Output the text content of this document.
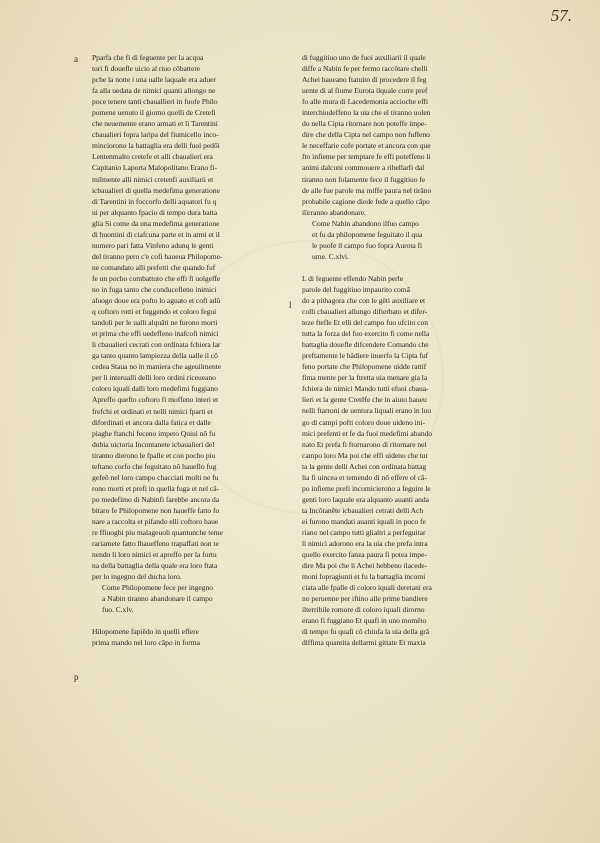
57.
a
p
l

Pparfa che fi di feguente per la acqua
tori fi douefle uicio al riuo cõbattere
pche la notte i una ualle laquale era aduer
fa alla uedata de nimici quanti allongo ne
poce tenere tanti cbauallieri in fuofe Philo
pomene uenuto il giorno quelli de Cretefi
che neuemente erano armati et li Tarentini
cbaualieri fopra laripa del fiumicello inco-
minciorono la battaglia era delli fuoi pedôi
Lentenmalto cretefe et alli cbaualieri era
Capitanio Laporta Malopolitano Erano fi-
milmente alli nimici cretenfi auxiliarii et
icbaualieri di quella medefima generatione
di Tarentini in foccorfo delli aquatori fu q
ui per alquanto fpacio di tempo dura batta
glia Si come da una medefima generatione
di huomini di ciafcuna parte et in armi et il
numero pari fatta Vinfeno adunq le genti
del tiranno pero c'e cofi haueua Philopome-
ne comandato alli prefetti che quando fuf
fe un pocho combattuto che effi fi uolgeffe
no in fuga tanto che conducefleno inimici
aluogo doue era pofto lo aguato et cofi adû
q coftoro rotti et fuggendo et coloro fegui
tandoli per le ualli alquãti ne furono morti
et prima che effi uedeffeno inafcofi nimici
li cbaualieri cecrati con ordinata fchiera lar
ga tanto quanto lampiezza della ualle il cô
cedea Staua no in maniera che ageuilmente
per li interualli delli loro ordini riceueano
coloro iquali dalli loro medefimi fuggiano
Apreffo quefto coftoro fi moffeno interi et
frefchi et ordinati et nelli nimici fparti et
difordinati et ancora dalla fatica et dalle
piaghe ftanchi feceno impeto Quiui nô fu
dubia uictoria Incontanete icbaualieri del
tiranno dierono le fpalle et con pocho piu
teftano corfo che feguitato nô haueflo fug
gefeô nel loro campo chacciati molti ne fu
rono morti et prefi in quella fuga et nel câ-
po medefimo di Nabinfi farebbe ancora da
bitaro fe Philopomene non haueffe fatto fo
nare a raccolta et pifando elli coftoro haue
re ffiuogbi piu malageuoli quantunche teme
rariamete fatto lhaueffeno trapaffati non te
nendo li loro nimici et apreffo per la fortu
na della battaglia della quale era loro ftata
per lo ingegno del ducha loro.

Come Philopomene fece per ingegno
a Nabin tiranno abandonare il campo
fuo. C.xlv.

Hilopomene fapiêdo in quelli effere
prima mando nel loro câpo in forma

di fuggitiuo uno de fuoi auxiliarii il quale
diffe a Nabin fe per fermo raccôtare chelli
Achei haueano ftatuito di procedere il feg
uente di al fiume Eurota ilquale corre pref
fo alle mura di Lacedemonia accioche effi
interchiudeffeno la uia che el tiranno uolen
do nella Cipta ritornare non poteffe impe-
dire che della Cipta nel campo non fuffeno
le neceffarie cofe portate et ancora con que
fto infieme per temptare fe effi poteffeno li
animi dalcuni commouere a ribellarfi dal
tiranno non folamente fece il fuggitiuo fe
de alle fue parole ma miffe paura nel tirâno
probabile cagione diede fede a quello câpo
ilirranno abandonare.

Come Nabin abandono ilfuo campo
et fu da philopomene feguitato il qua
le puofe il campo fuo fopra Aurota fi
ume. C.xlvi.

L di feguente effendo Nabin perle
parole del fuggitiuo impaurito comã
do a pithagora che con le gêti auxiliare et
colli cbaualieri allungo difterbato et difer-
teze ftefle Et elli del campo fuo ufcito con
tutta la forza del fuo exercito fi come nella
battaglia douefle difcendere Comando che
preftamente le bâdiere inuerfo la Cipta fuf
feno portate che Philopomene uidde rattif
fima mente per la ftretta uia menare gia la
fchiera de nimici Mando tutti efuoi cbaua-
lieri et la gente Cretêfe che in aiuto haueu
nelli ftarroni de uentura liquali erano in luo
go di campi pofti coloro doue uideno ini-
mici prefenti et fe da fuoi medefimi abando
nato Et prefa fi ftornarono di ritornare nel
campo loro Ma poi che effi uideno che tut
ta la gente delli Achei con ordinata battag
lia fi uincea et temendo di nô effere ol câ-
po infieme prefi incomicierono a feguire le
genti loro laquale era alquanto auanti anda
ta Incôtanête icbaualieri cetrati delli Ach
ei furono mandati auanti iquali in poco fe
riano nel campo tutti glialtri a perfeguitar
li nimici adorono era la uia che prefa intra
quello exercito fanza paura fi potea impe-
dire Ma poi che li Achei hebbeno ilacede-
moni fopragiunti et fu la battaglia incomi
ciata alle fpalle di coloro iquali deretani era
no peruenne per iftino alle prime bandiere
ilterribile romore di coloro iquali dirorno
erano fi fuggiano Et quafi in uno momêto
di tempo fu quafi cô chiufa la uia della grâ
diffima quantita dellarmi gittate Et maxia
